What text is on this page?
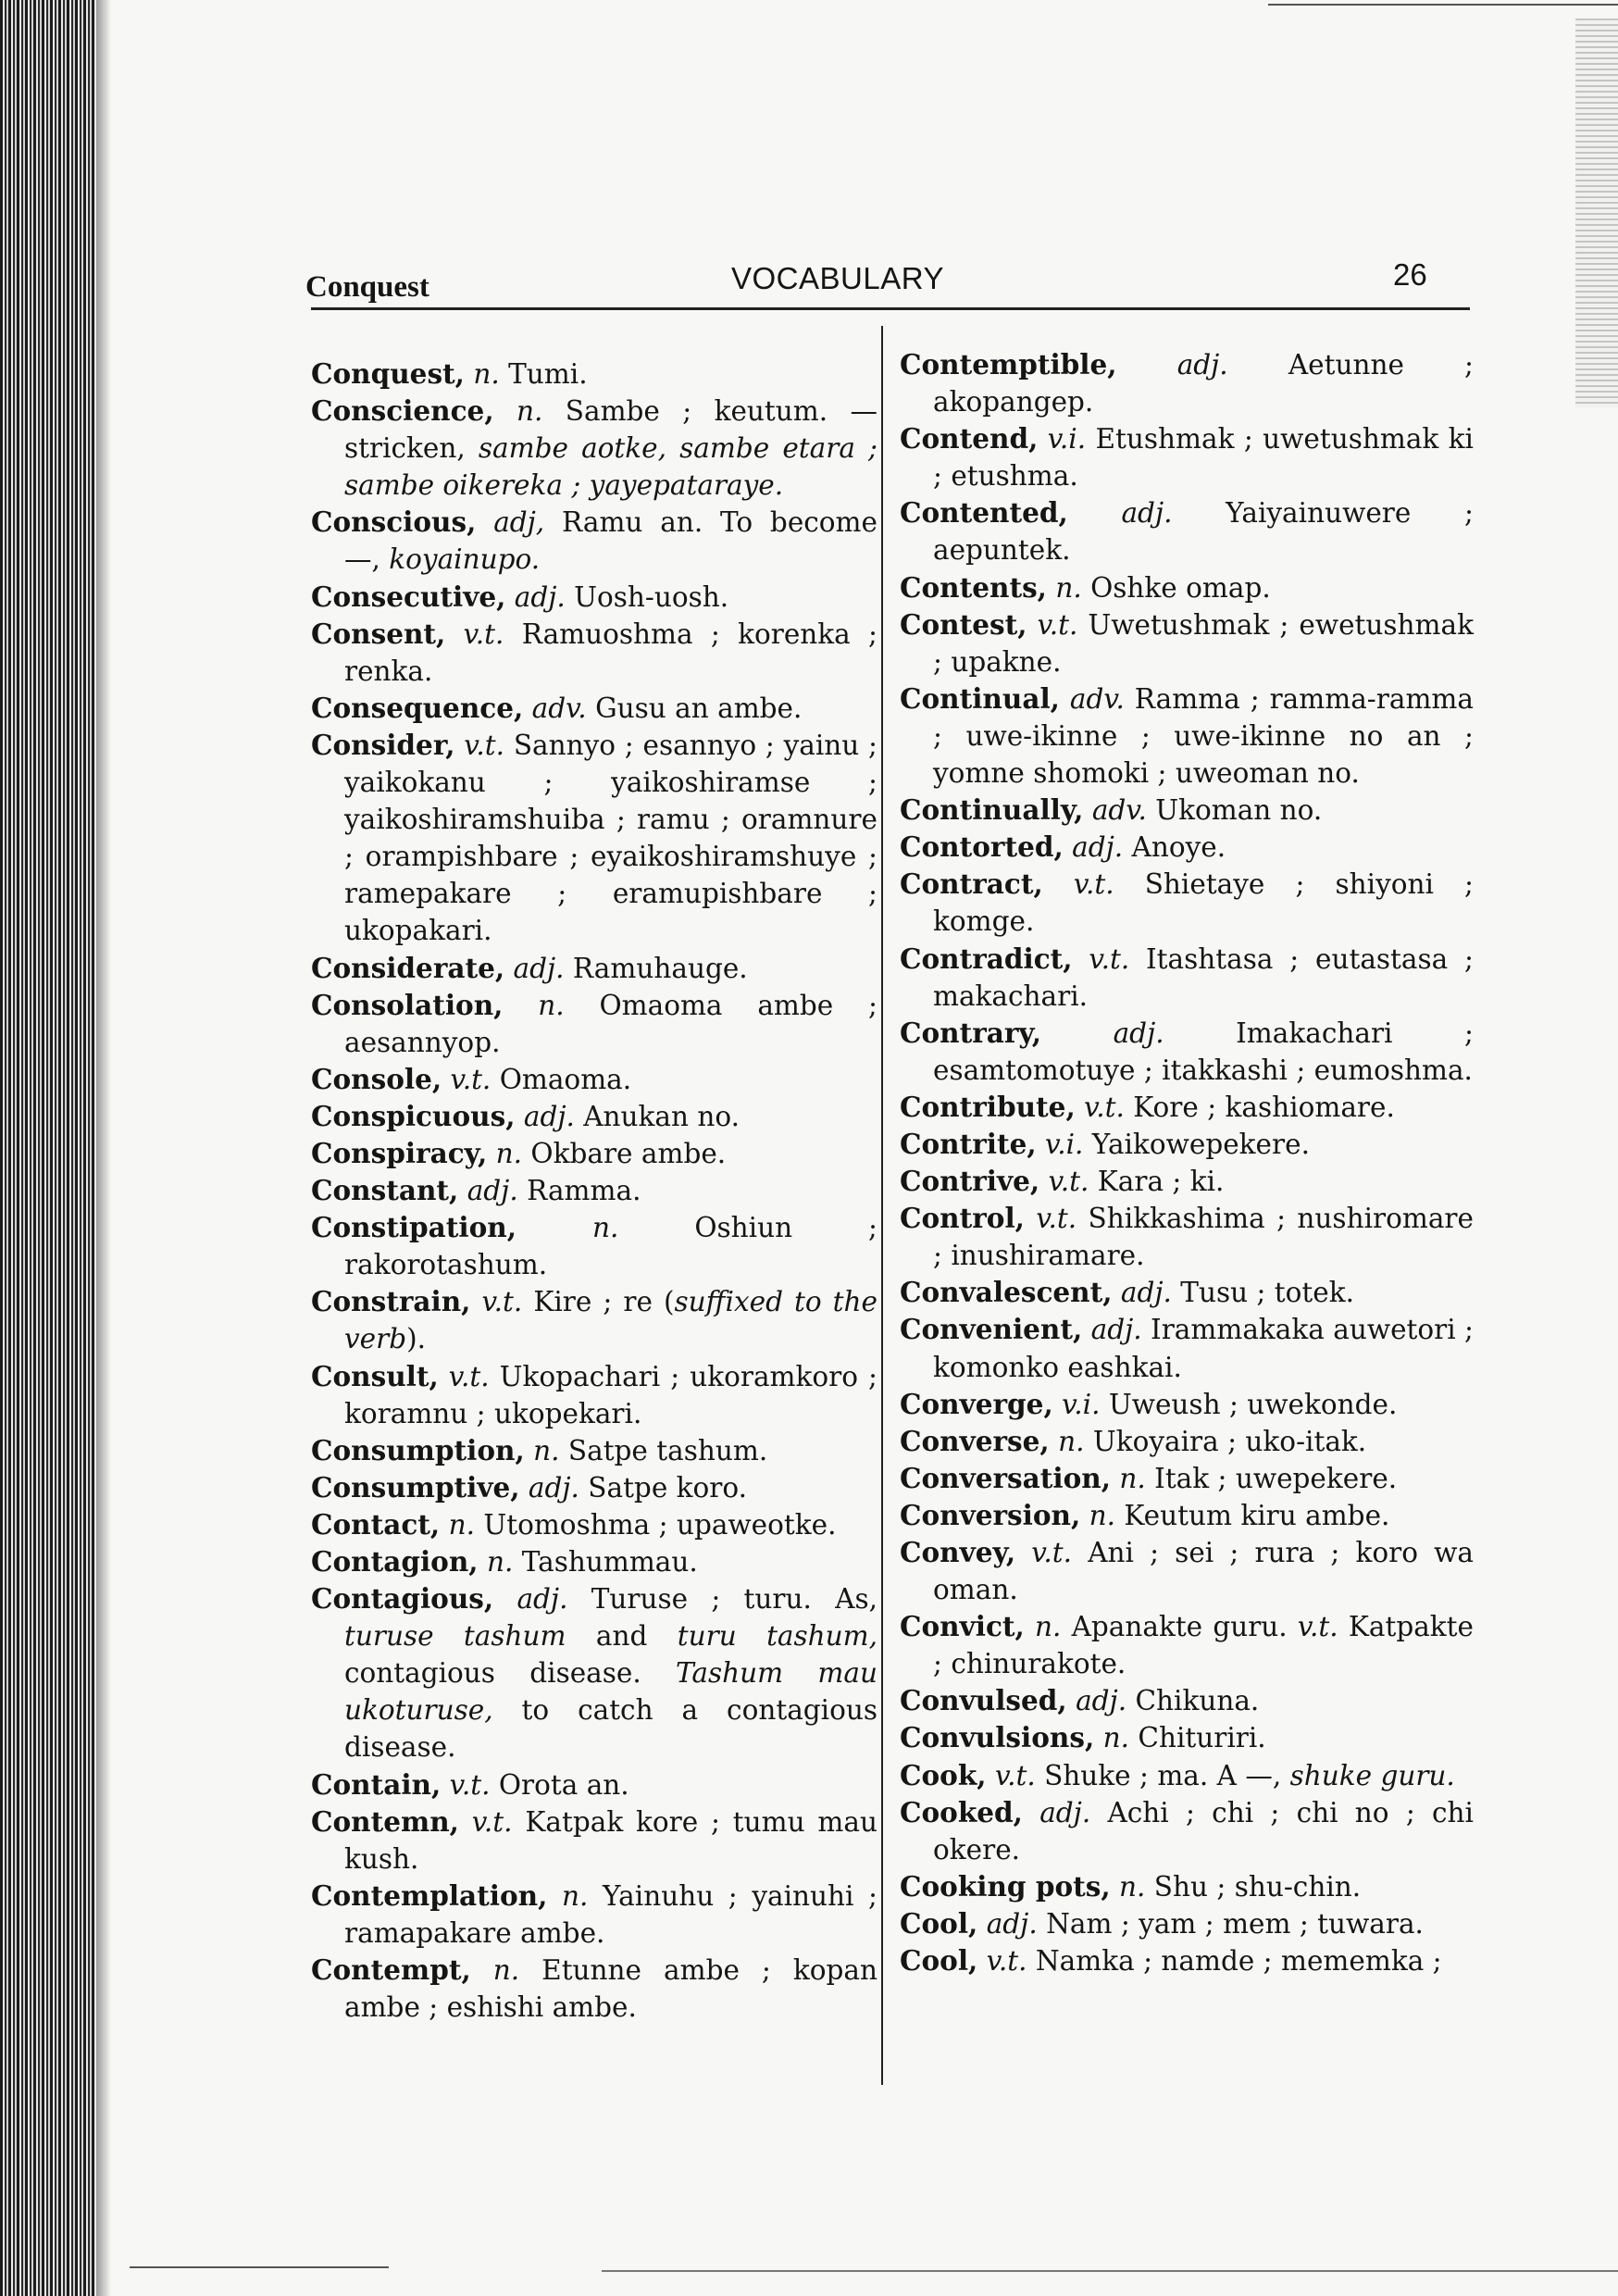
Conquest	VOCABULARY	26

Conquest, n. Tumi.

Conscience, n. Sambe ; keutum. —stricken, sambe aotke, sambe etara ; sambe oikereka ; yayepataraye.

Conscious, adj, Ramu an. To become —, koyainupo.

Consecutive, adj. Uosh-uosh.

Consent, v.t. Ramuoshma ; korenka ; renka.

Consequence, adv. Gusu an ambe.

Consider, v.t. Sannyo ; esannyo ; yainu ; yaikokanu ; yaikoshiramse ; yaikoshiramshuiba ; ramu ; oramnure ; orampishbare ; eyaikoshiramshuye ; ramepakare ; eramupishbare ; ukopakari.

Considerate, adj. Ramuhauge.

Consolation, n. Omaoma ambe ; aesannyop.

Console, v.t. Omaoma.

Conspicuous, adj. Anukan no.

Conspiracy, n. Okbare ambe.

Constant, adj. Ramma.

Constipation,	n. Oshiun ; rakorotashum.

Constrain, v.t. Kire ; re (suffixed to the verb).

Consult, v.t. Ukopachari ; ukoramkoro ; koramnu ; ukopekari.

Consumption, n. Satpe tashum.

Consumptive, adj. Satpe koro.

Contact, n. Utomoshma ; upaweotke.

Contagion, n. Tashummau.

Contagious, adj. Turuse ; turu. As, turuse tashum and turu tashum, contagious disease. Tashum mau ukoturuse, to catch a contagious disease.

Contain, v.t. Orota an.

Contemn, v.t. Katpak kore ; tumu mau kush.

Contemplation, n. Yainuhu ; yainuhi ; ramapakare ambe.

Contempt, n. Etunne ambe ; kopan ambe ; eshishi ambe.

Contemptible, adj. Aetunne ; akopangep.

Contend, v.i. Etushmak ; uwetushmak ki ; etushma.

Contented, adj. Yaiyainuwere ; aepuntek.

Contents, n. Oshke omap.

Contest, v.t. Uwetushmak ; ewetushmak ; upakne.

Continual, adv. Ramma ; ramma-ramma ; uwe-ikinne ; uwe-ikinne no an ; yomne shomoki ; uweoman no.

Continually, adv. Ukoman no.

Contorted, adj. Anoye.

Contract, v.t. Shietaye ; shiyoni ; komge.

Contradict, v.t. Itashtasa ; eutastasa ; makachari.

Contrary,	adj. Imakachari ; esamtomotuye ; itakkashi ; eumoshma.

Contribute, v.t. Kore ; kashiomare.

Contrite, v.i. Yaikowepekere.

Contrive, v.t. Kara ; ki.

Control, v.t. Shikkashima ; nushiromare ; inushiramare.

Convalescent, adj. Tusu ; totek.

Convenient, adj. Irammakaka auwetori ; komonko eashkai.

Converge, v.i. Uweush ; uwekonde.

Converse, n. Ukoyaira ; uko-itak.

Conversation, n. Itak ; uwepekere.

Conversion, n. Keutum kiru ambe.

Convey, v.t. Ani ; sei ; rura ; koro wa oman.

Convict, n. Apanakte guru. v.t. Katpakte ; chinurakote.

Convulsed, adj. Chikuna.

Convulsions, n. Chituriri.

Cook, v.t. Shuke ; ma. A —, shuke guru.

Cooked, adj. Achi ; chi ; chi no ; chi okere.

Cooking pots, n. Shu ; shu-chin.

Cool, adj. Nam ; yam ; mem ; tuwara.

Cool, v.t. Namka ; namde ; mememka ;
